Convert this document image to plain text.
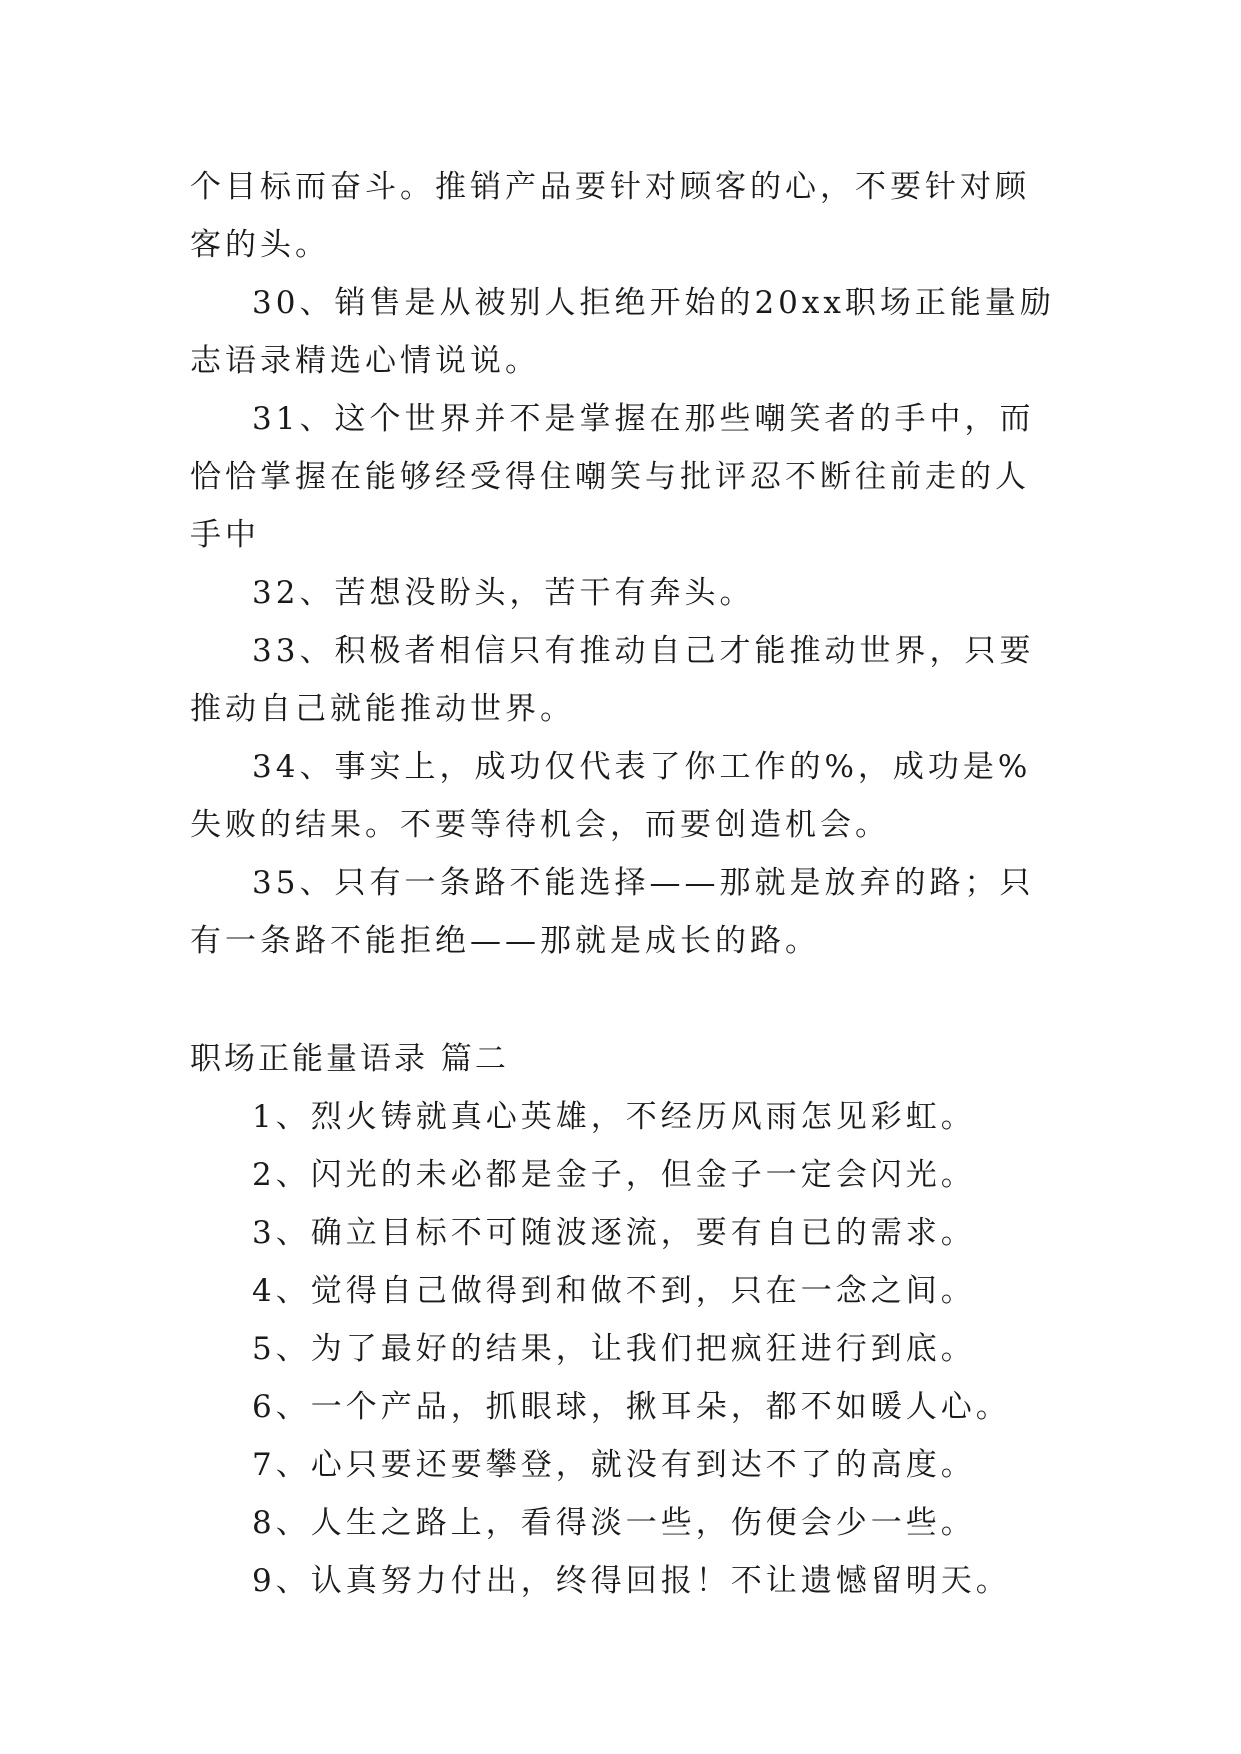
个目标而奋斗。推销产品要针对顾客的心，不要针对顾客的头。

30、销售是从被别人拒绝开始的20xx职场正能量励志语录精选心情说说。

31、这个世界并不是掌握在那些嘲笑者的手中，而恰恰掌握在能够经受得住嘲笑与批评忍不断往前走的人手中

32、苦想没盼头，苦干有奔头。

33、积极者相信只有推动自己才能推动世界，只要推动自己就能推动世界。

34、事实上，成功仅代表了你工作的%，成功是%失败的结果。不要等待机会，而要创造机会。

35、只有一条路不能选择——那就是放弃的路；只有一条路不能拒绝——那就是成长的路。

职场正能量语录 篇二

1、烈火铸就真心英雄，不经历风雨怎见彩虹。

2、闪光的未必都是金子，但金子一定会闪光。

3、确立目标不可随波逐流，要有自已的需求。

4、觉得自己做得到和做不到，只在一念之间。

5、为了最好的结果，让我们把疯狂进行到底。

6、一个产品，抓眼球，揪耳朵，都不如暖人心。

7、心只要还要攀登，就没有到达不了的高度。

8、人生之路上，看得淡一些，伤便会少一些。

9、认真努力付出，终得回报！不让遗憾留明天。
